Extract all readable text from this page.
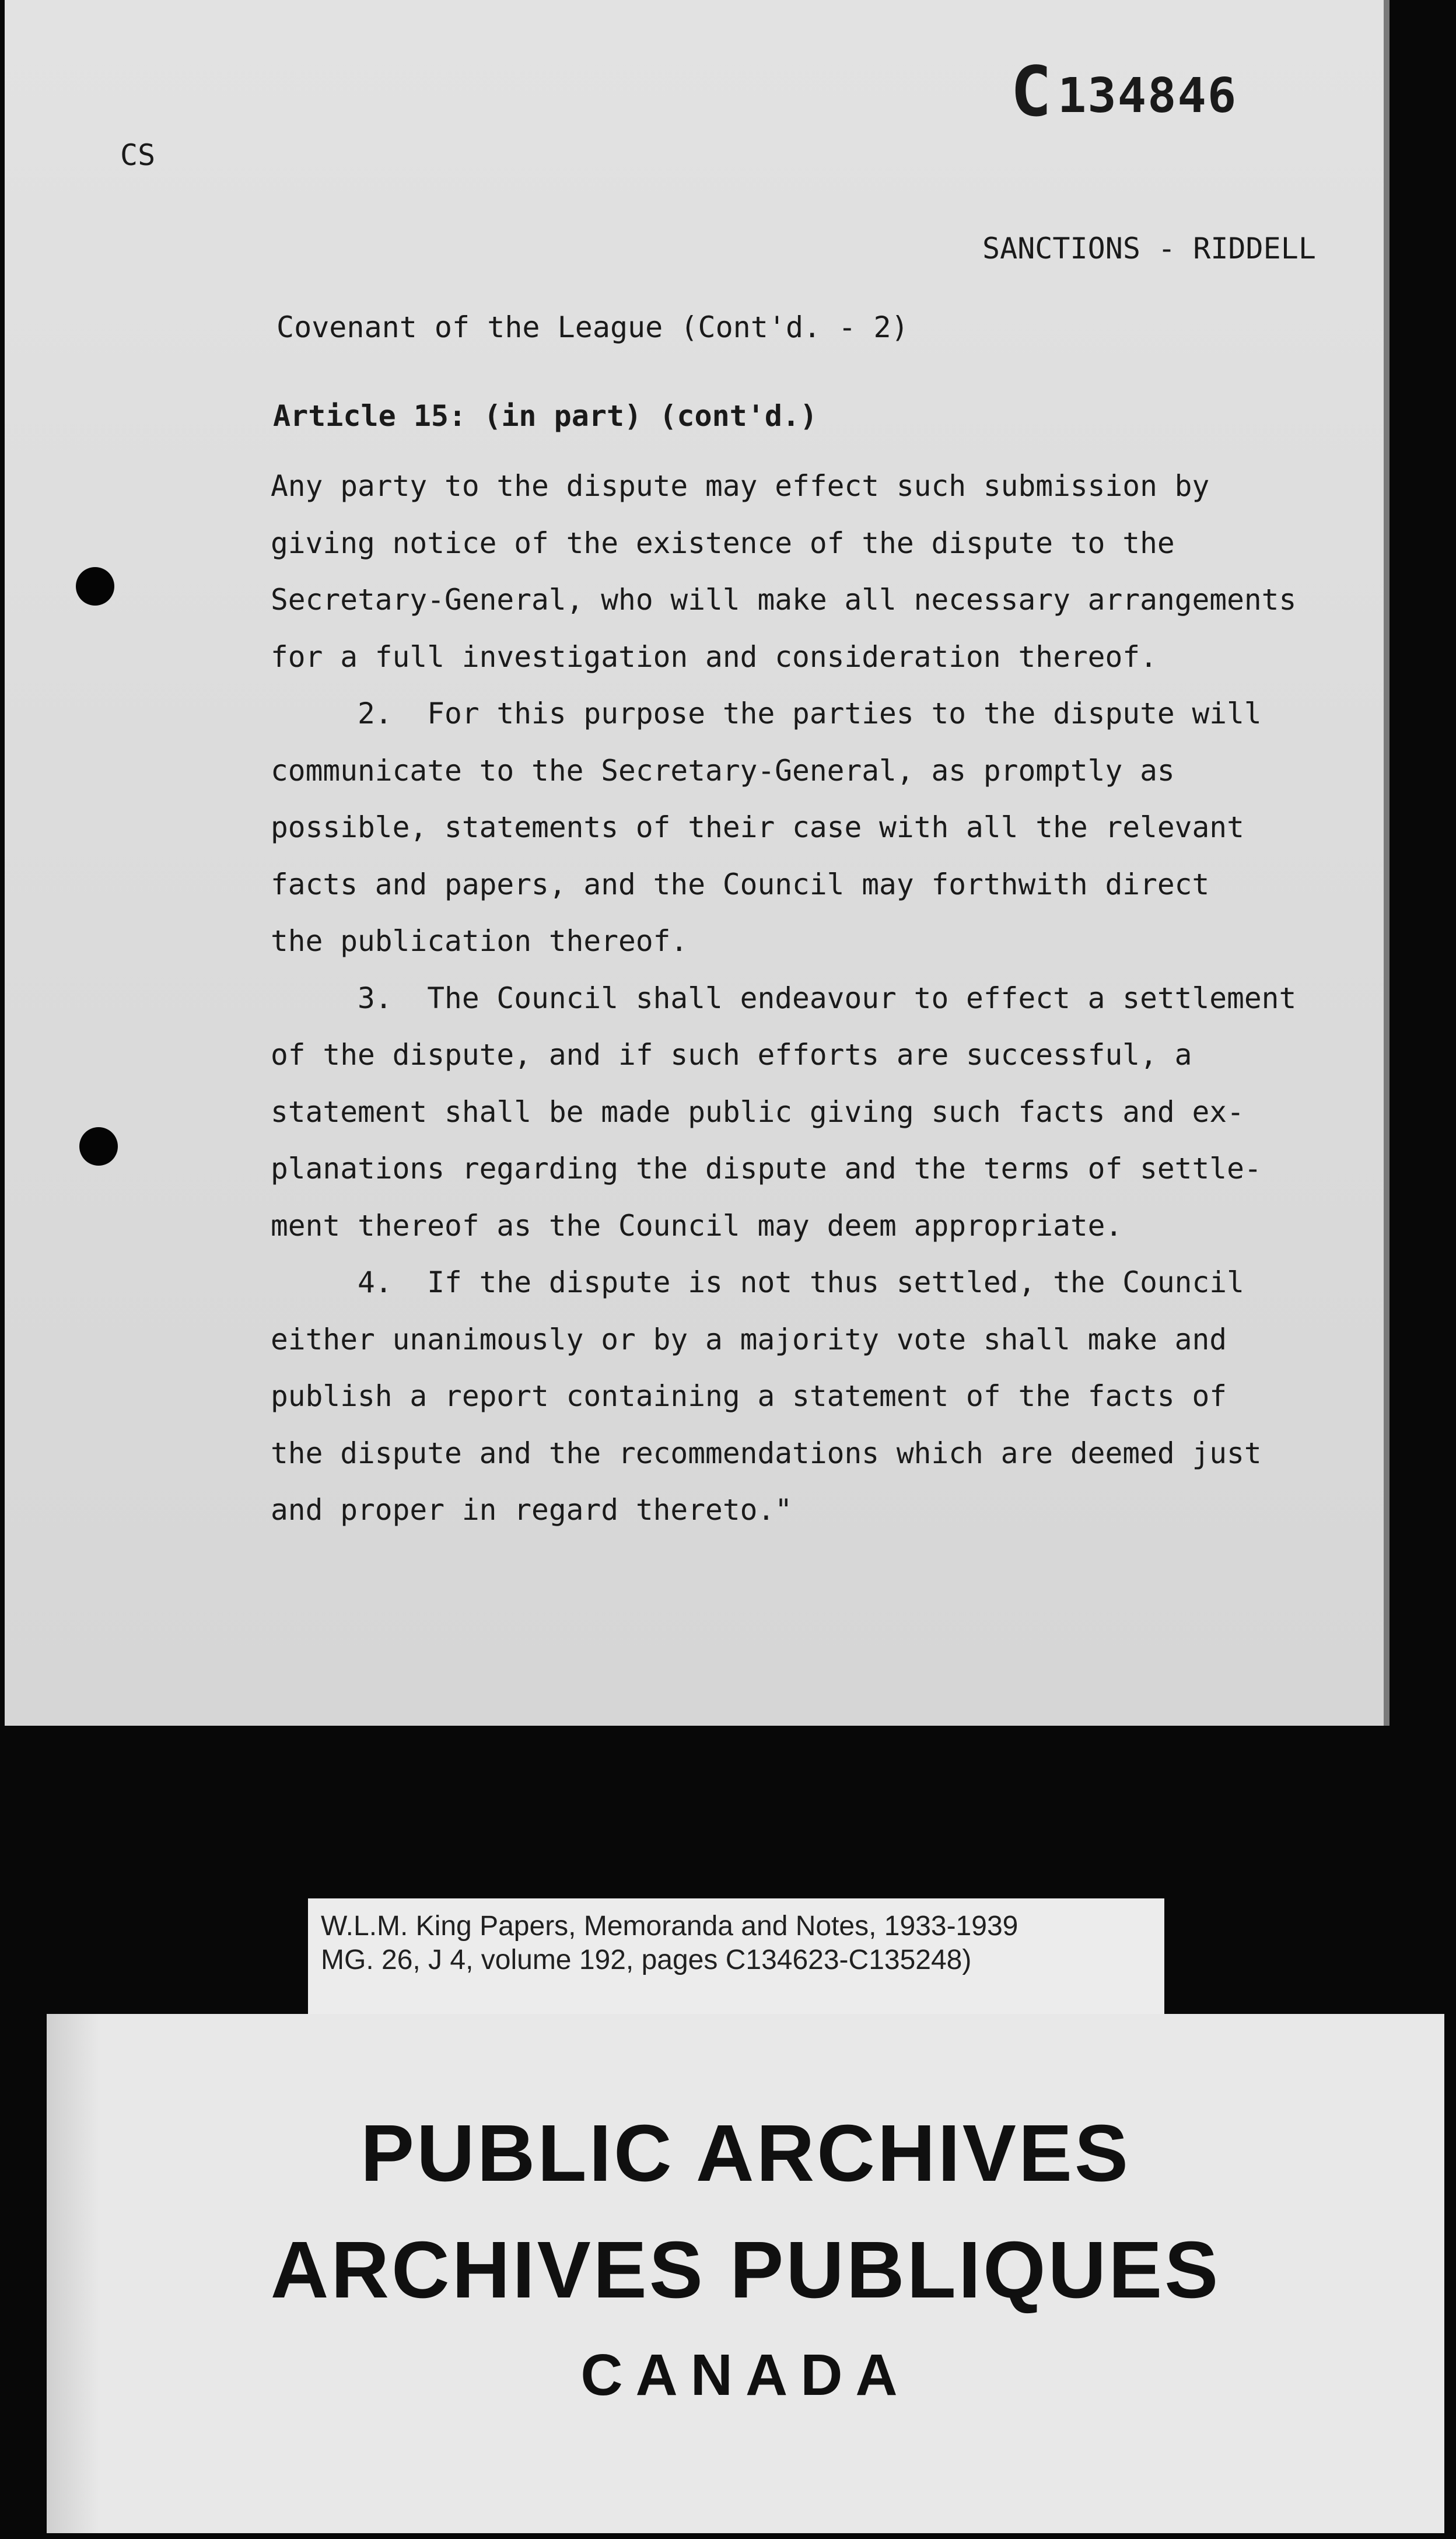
C134846
CS
SANCTIONS - RIDDELL
Covenant of the League (Cont'd. - 2)
Article 15: (in part) (cont'd.)
Any party to the dispute may effect such submission by
giving notice of the existence of the dispute to the
Secretary-General, who will make all necessary arrangements
for a full investigation and consideration thereof.
2.  For this purpose the parties to the dispute will
communicate to the Secretary-General, as promptly as
possible, statements of their case with all the relevant
facts and papers, and the Council may forthwith direct
the publication thereof.
3.  The Council shall endeavour to effect a settlement
of the dispute, and if such efforts are successful, a
statement shall be made public giving such facts and ex-
planations regarding the dispute and the terms of settle-
ment thereof as the Council may deem appropriate.
4.  If the dispute is not thus settled, the Council
either unanimously or by a majority vote shall make and
publish a report containing a statement of the facts of
the dispute and the recommendations which are deemed just
and proper in regard thereto."
W.L.M. King Papers, Memoranda and Notes, 1933-1939
MG. 26, J 4, volume 192, pages C134623-C135248)
PUBLIC ARCHIVES
ARCHIVES PUBLIQUES
CANADA
